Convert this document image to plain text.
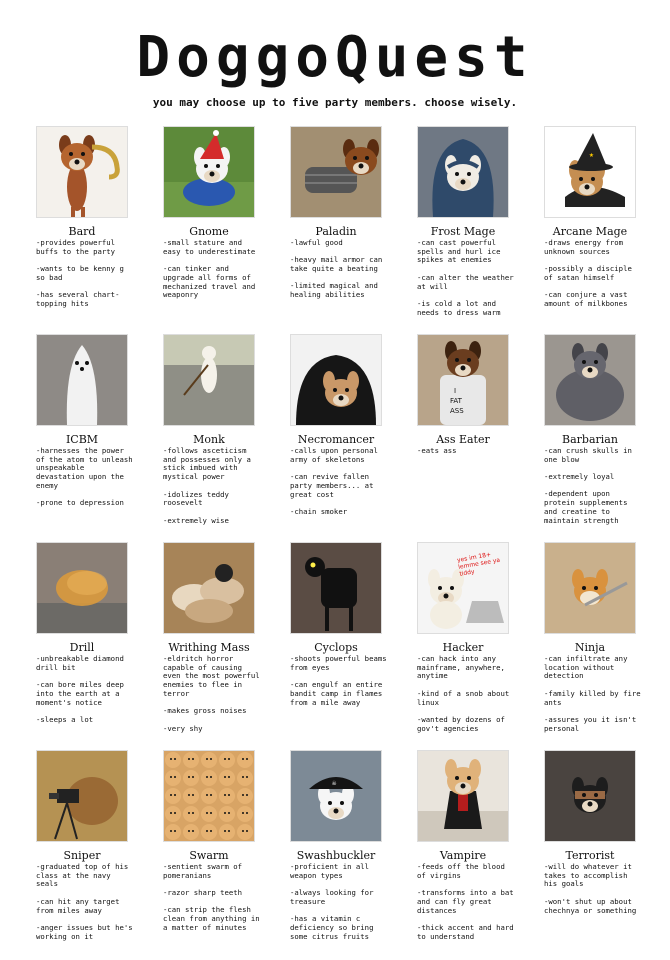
DoggoQuest
you may choose up to five party members. choose wisely.
Bard

-provides powerful buffs to the party

-wants to be kenny g so bad

-has several chart-topping hits

Gnome

-small stature and easy to underestimate

-can tinker and upgrade all forms of mechanized travel and weaponry

Paladin

-lawful good

-heavy mail armor can take quite a beating

-limited magical and healing abilities

Frost Mage

-can cast powerful spells and hurl ice spikes at enemies

-can alter the weather at will

-is cold a lot and needs to dress warm

★
Arcane Mage

-draws energy from unknown sources

-possibly a disciple of satan himself

-can conjure a vast amount of milkbones

ICBM

-harnesses the power of the atom to unleash unspeakable devastation upon the enemy

-prone to depression

Monk

-follows asceticism and possesses only a stick imbued with mystical power

-idolizes teddy roosevelt

-extremely wise

Necromancer

-calls upon personal army of skeletons

-can revive fallen party members... at great cost

-chain smoker

I
FAT
ASS
Ass Eater

-eats ass

Barbarian

-can crush skulls in one blow

-extremely loyal

-dependent upon protein supplements and creatine to maintain strength

Drill

-unbreakable diamond drill bit

-can bore miles deep into the earth at a moment's notice

-sleeps a lot

Writhing Mass

-eldritch horror capable of causing even the most powerful enemies to flee in terror

-makes gross noises

-very shy

Cyclops

-shoots powerful beams from eyes

-can engulf an entire bandit camp in flames from a mile away

yes im 18+ lemme see ya tiddy
Hacker

-can hack into any mainframe, anywhere, anytime

-kind of a snob about linux

-wanted by dozens of gov't agencies

Ninja

-can infiltrate any location without detection

-family killed by fire ants

-assures you it isn't personal

Sniper

-graduated top of his class at the navy seals

-can hit any target from miles away

-anger issues but he's working on it

Swarm

-sentient swarm of pomeranians

-razor sharp teeth

-can strip the flesh clean from anything in a matter of minutes

☠
Swashbuckler

-proficient in all weapon types

-always looking for treasure

-has a vitamin c deficiency so bring some citrus fruits

Vampire

-feeds off the blood of virgins

-transforms into a bat and can fly great distances

-thick accent and hard to understand

Terrorist

-will do whatever it takes to accomplish his goals

-won't shut up about chechnya or something
